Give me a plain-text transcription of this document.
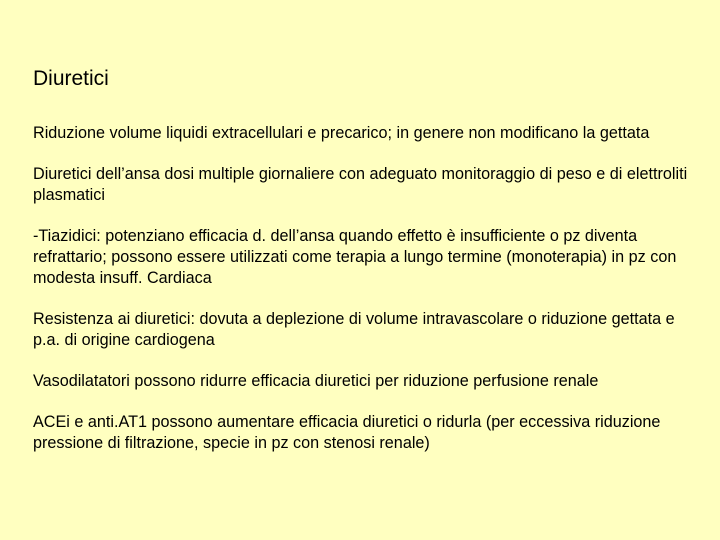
Diuretici

Riduzione volume liquidi extracellulari e precarico; in genere non modificano la gettata

Diuretici dell’ansa dosi multiple giornaliere con adeguato monitoraggio di peso e di elettroliti plasmatici

-Tiazidici: potenziano efficacia d. dell’ansa quando effetto è insufficiente o pz diventa refrattario; possono essere utilizzati come terapia a lungo termine (monoterapia) in pz con modesta insuff. Cardiaca

Resistenza ai diuretici: dovuta a deplezione di volume intravascolare o riduzione gettata e p.a. di origine cardiogena

Vasodilatatori possono ridurre efficacia diuretici per riduzione perfusione renale

ACEi e anti.AT1 possono aumentare efficacia diuretici o ridurla (per eccessiva riduzione pressione di filtrazione, specie in pz con stenosi renale)
